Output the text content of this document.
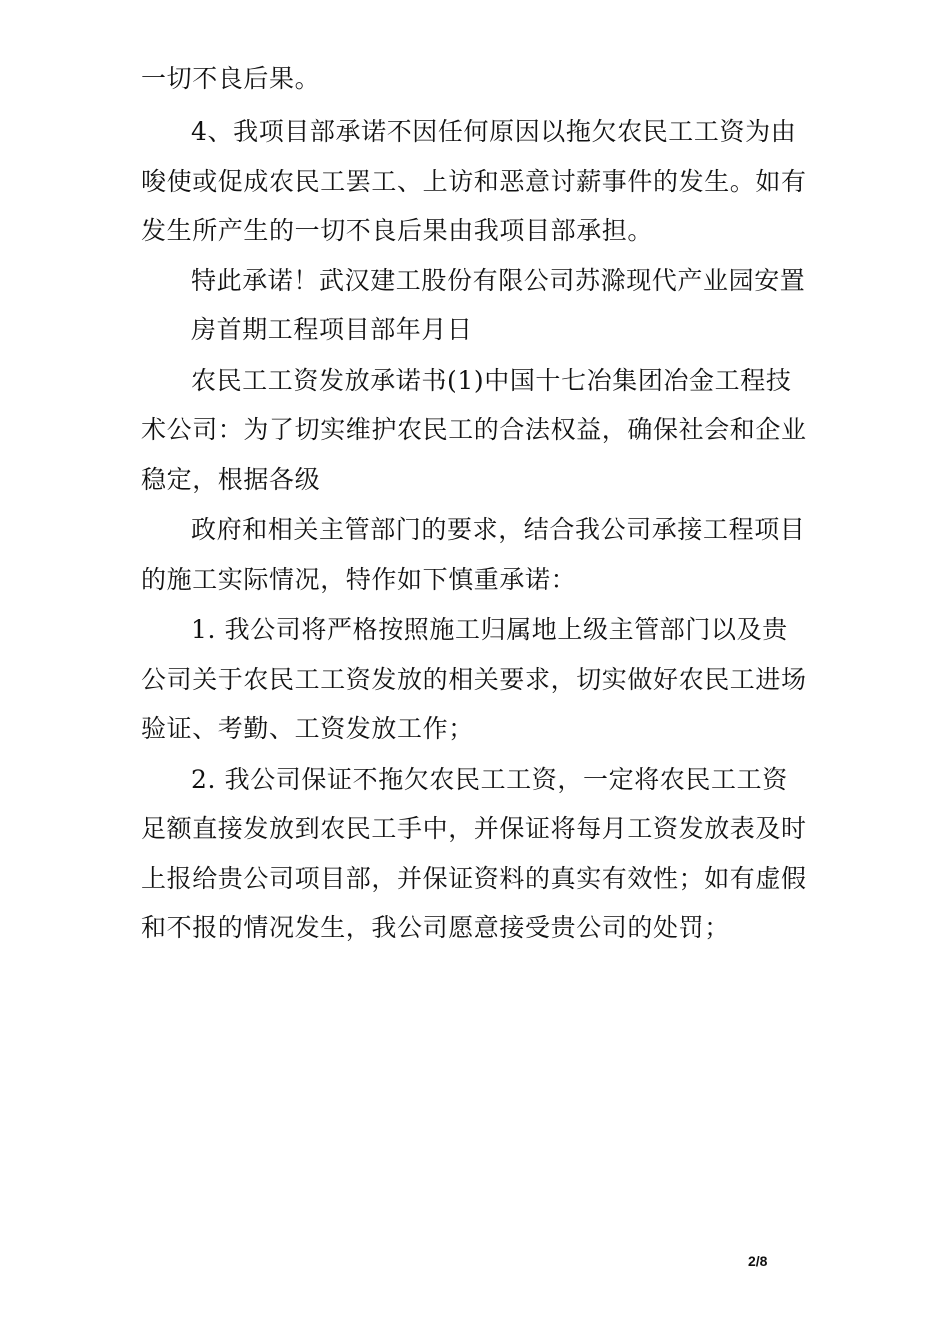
一切不良后果。
4、我项目部承诺不因任何原因以拖欠农民工工资为由
唆使或促成农民工罢工、上访和恶意讨薪事件的发生。如有
发生所产生的一切不良后果由我项目部承担。
特此承诺！武汉建工股份有限公司苏滁现代产业园安置
房首期工程项目部年月日
农民工工资发放承诺书(1)中国十七冶集团冶金工程技
术公司：为了切实维护农民工的合法权益，确保社会和企业
稳定，根据各级
政府和相关主管部门的要求，结合我公司承接工程项目
的施工实际情况，特作如下慎重承诺：
1. 我公司将严格按照施工归属地上级主管部门以及贵
公司关于农民工工资发放的相关要求，切实做好农民工进场
验证、考勤、工资发放工作；
2. 我公司保证不拖欠农民工工资，一定将农民工工资
足额直接发放到农民工手中，并保证将每月工资发放表及时
上报给贵公司项目部，并保证资料的真实有效性；如有虚假
和不报的情况发生，我公司愿意接受贵公司的处罚；
2/8
